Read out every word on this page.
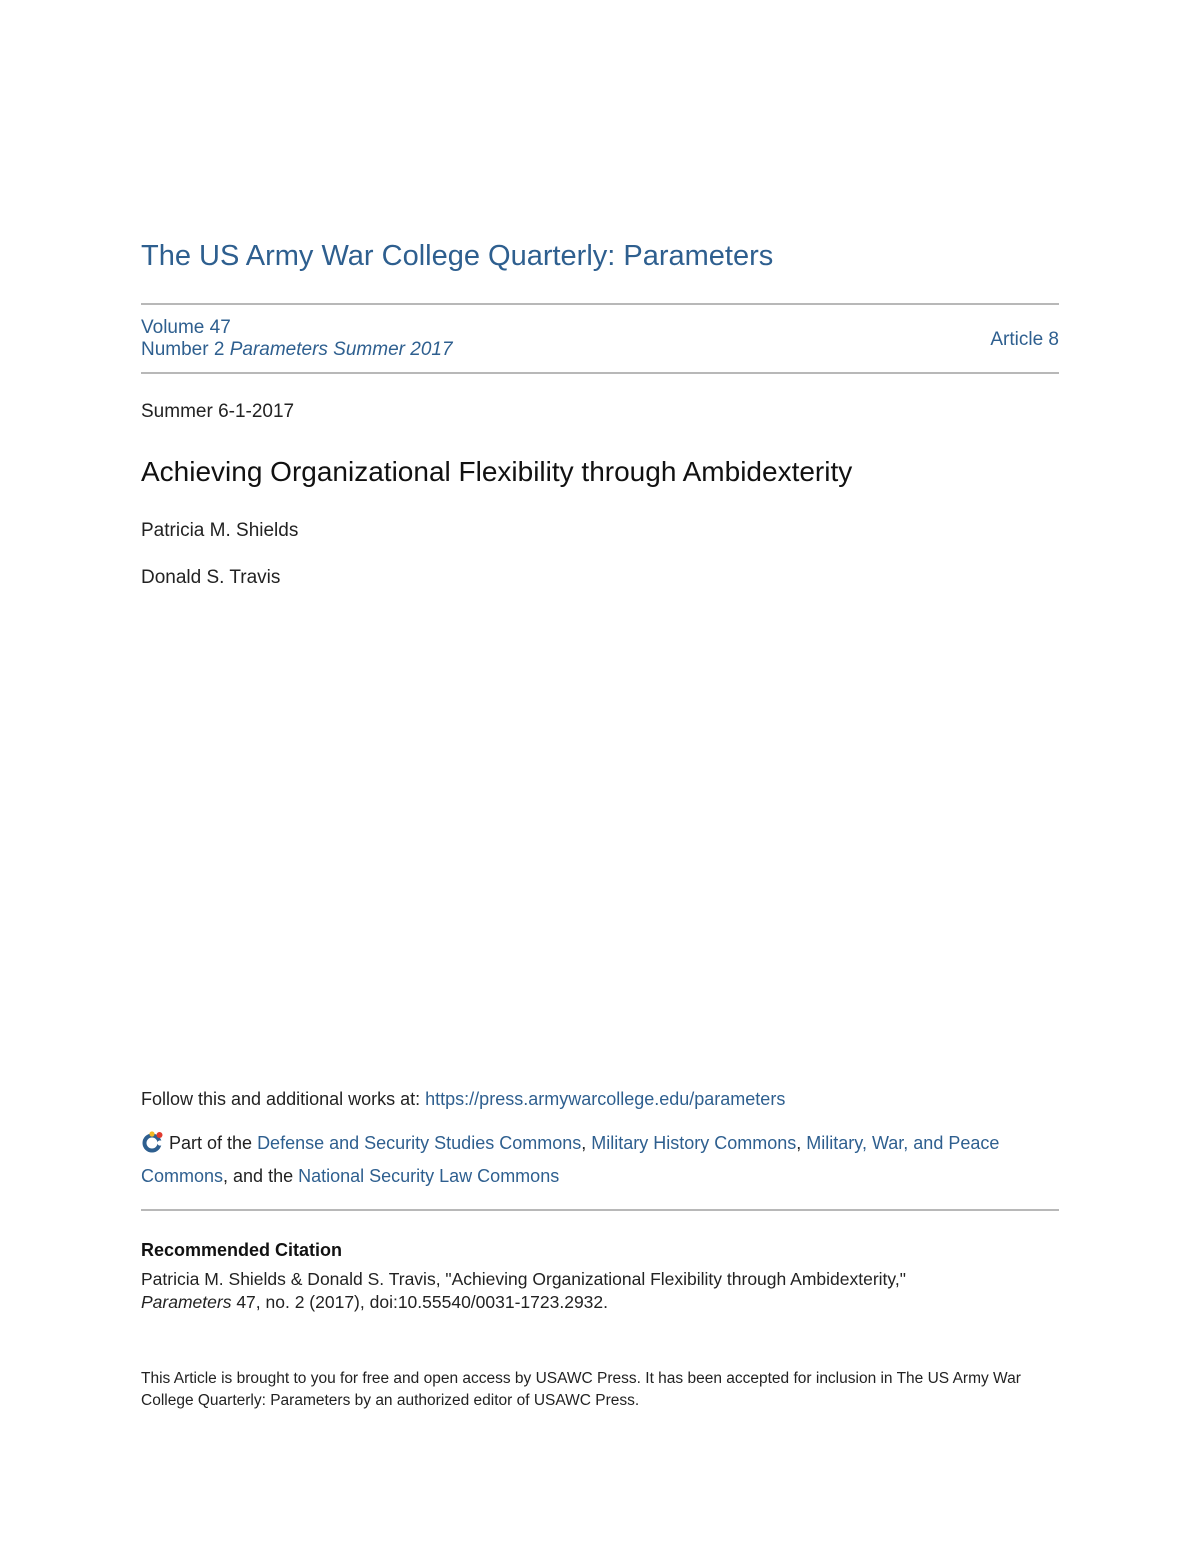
The US Army War College Quarterly: Parameters
Volume 47
Number 2 Parameters Summer 2017	Article 8
Summer 6-1-2017
Achieving Organizational Flexibility through Ambidexterity
Patricia M. Shields
Donald S. Travis
Follow this and additional works at: https://press.armywarcollege.edu/parameters
Part of the Defense and Security Studies Commons, Military History Commons, Military, War, and Peace Commons, and the National Security Law Commons
Recommended Citation
Patricia M. Shields & Donald S. Travis, "Achieving Organizational Flexibility through Ambidexterity,"
Parameters 47, no. 2 (2017), doi:10.55540/0031-1723.2932.
This Article is brought to you for free and open access by USAWC Press. It has been accepted for inclusion in The US Army War College Quarterly: Parameters by an authorized editor of USAWC Press.
